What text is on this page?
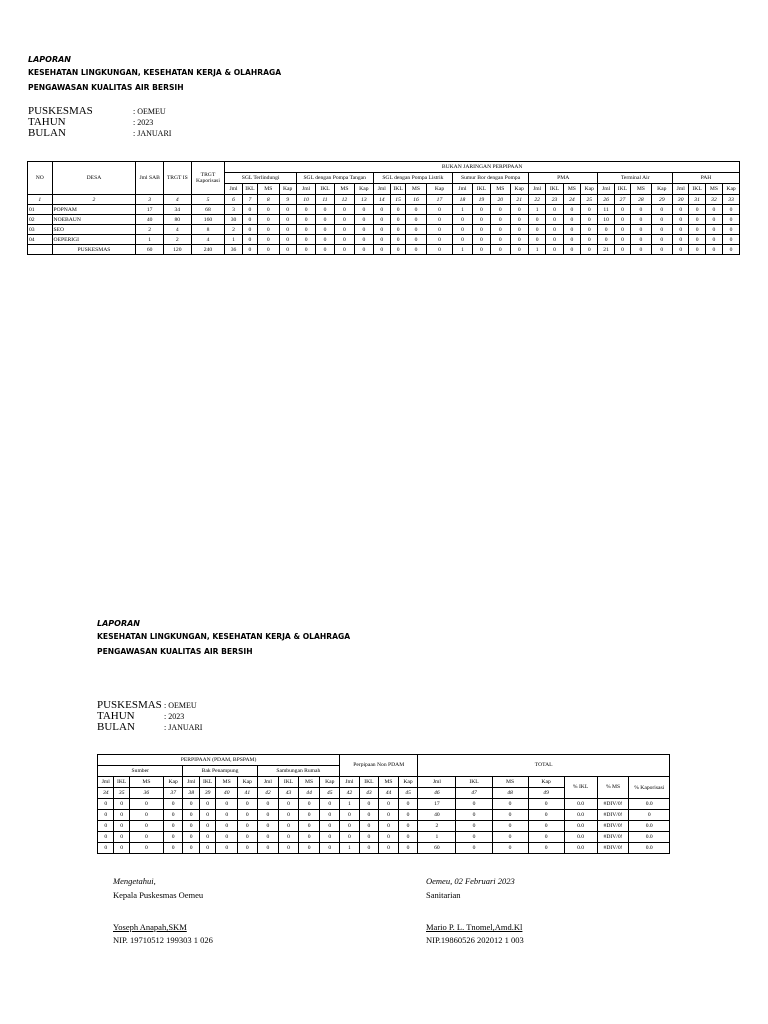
LAPORAN
KESEHATAN LINGKUNGAN, KESEHATAN KERJA & OLAHRAGA
PENGAWASAN KUALITAS AIR BERSIH
PUSKESMAS	: OEMEU
TAHUN	: 2023
BULAN	: JANUARI
NO	DESA	Jml SAB	TRGT IS	TRGT Kaporisasi	BUKAN JARINGAN PERPIPAAN																											
					SGL Terlindungi				SGL dengan Pompa Tangan				SGL dengan Pompa Listrik				Sumur Bor dengan Pompa				PMA				Terminal Air				PAH			
					Jml	IKL	MS	Kap	Jml	IKL	MS	Kap	Jml	IKL	MS	Kap	Jml	IKL	MS	Kap	Jml	IKL	MS	Kap	Jml	IKL	MS	Kap	Jml	IKL	MS	Kap
1	2	3	4	5	6	7	8	9	10	11	12	13	14	15	16	17	18	19	20	21	22	23	24	25	26	27	28	29	30	31	32	33
01	POPNAM	17	34	68	3	0	0	0	0	0	0	0	0	0	0	0	1	0	0	0	1	0	0	0	11	0	0	0	0	0	0	0
02	NOEBAUN	40	80	160	30	0	0	0	0	0	0	0	0	0	0	0	0	0	0	0	0	0	0	0	10	0	0	0	0	0	0	0
03	SEO	2	4	8	2	0	0	0	0	0	0	0	0	0	0	0	0	0	0	0	0	0	0	0	0	0	0	0	0	0	0	0
04	OEPERIGI	1	2	4	1	0	0	0	0	0	0	0	0	0	0	0	0	0	0	0	0	0	0	0	0	0	0	0	0	0	0	0
	PUSKESMAS	60	120	240	36	0	0	0	0	0	0	0	0	0	0	0	1	0	0	0	1	0	0	0	21	0	0	0	0	0	0	0
LAPORAN
KESEHATAN LINGKUNGAN, KESEHATAN KERJA & OLAHRAGA
PENGAWASAN KUALITAS AIR BERSIH
PUSKESMAS : OEMEU
TAHUN	: 2023
BULAN	: JANUARI
PERPIPAAN (PDAM, BPSPAM)												Perpipaan Non PDAM				TOTAL						
Sumber				Bak Penampung				Sambungan Rumah														
Jml	IKL	MS	Kap	Jml	IKL	MS	Kap	Jml	IKL	MS	Kap	Jml	IKL	MS	Kap	Jml	IKL	MS	Kap	% IKL	% MS	% Kaporisasi
34	35	36	37	38	39	40	41	42	43	44	45	42	43	44	45	46	47	48	49			
0	0	0	0	0	0	0	0	0	0	0	0	1	0	0	0	17	0	0	0	0.0	#DIV/0!	0.0
0	0	0	0	0	0	0	0	0	0	0	0	0	0	0	0	40	0	0	0	0.0	#DIV/0!	0
0	0	0	0	0	0	0	0	0	0	0	0	0	0	0	0	2	0	0	0	0.0	#DIV/0!	0.0
0	0	0	0	0	0	0	0	0	0	0	0	0	0	0	0	1	0	0	0	0.0	#DIV/0!	0.0
0	0	0	0	0	0	0	0	0	0	0	0	1	0	0	0	60	0	0	0	0.0	#DIV/0!	0.0
Mengetahui,
Kepala Puskesmas Oemeu
Yoseph Anapah,SKM
NIP. 19710512 199303 1 026
Oemeu, 02 Februari 2023
Sanitarian
Mario P. L. Tnomel,Amd.Kl
NIP.19860526 202012 1 003
